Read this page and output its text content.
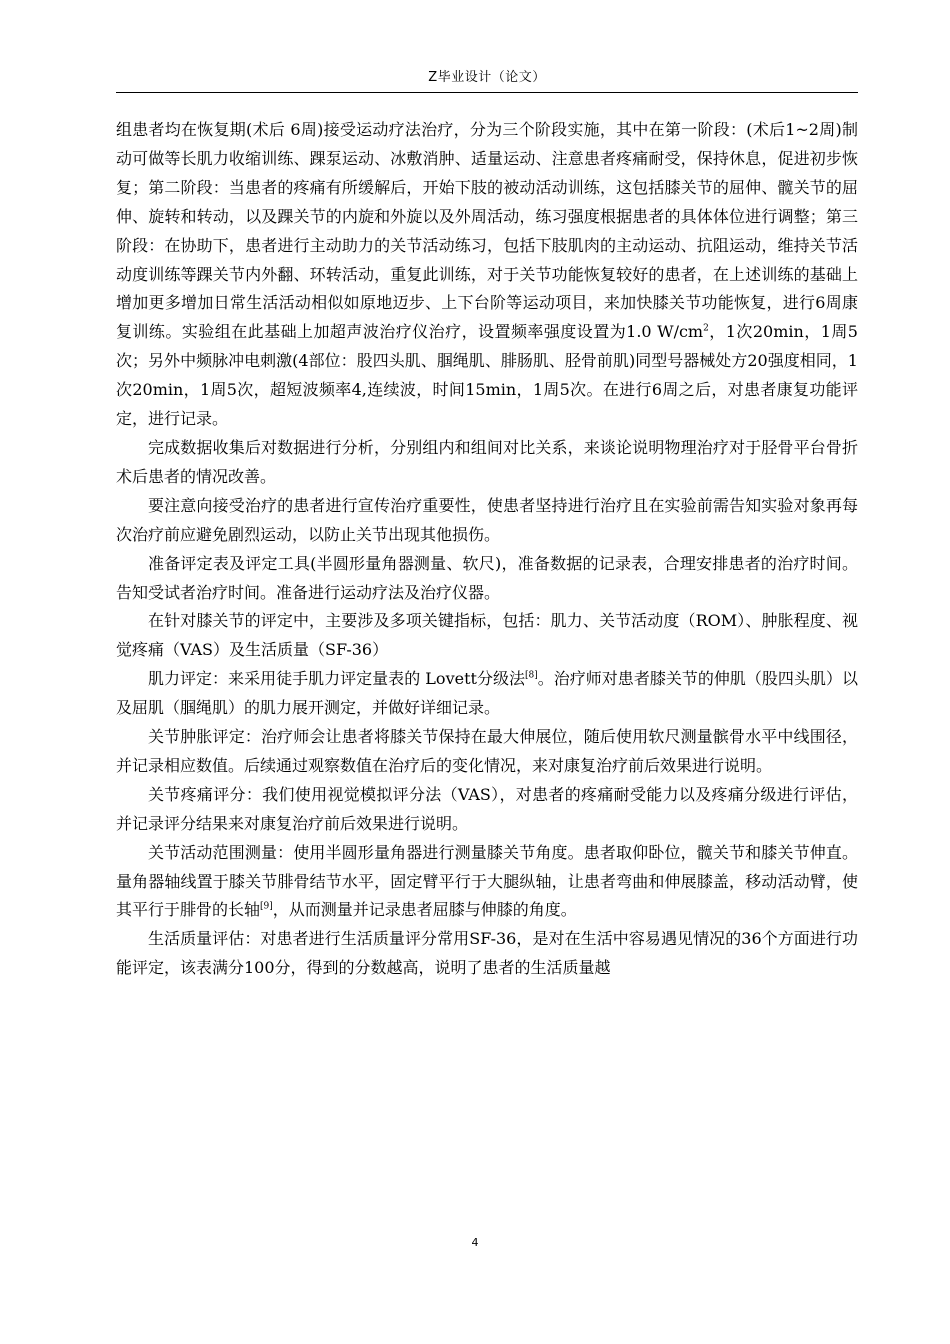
Z毕业设计（论文）

组患者均在恢复期(术后 6周)接受运动疗法治疗，分为三个阶段实施，其中在第一阶段：(术后1~2周)制动可做等长肌力收缩训练、踝泵运动、冰敷消肿、适量运动、注意患者疼痛耐受，保持休息，促进初步恢复；第二阶段：当患者的疼痛有所缓解后，开始下肢的被动活动训练，这包括膝关节的屈伸、髋关节的屈伸、旋转和转动，以及踝关节的内旋和外旋以及外周活动，练习强度根据患者的具体体位进行调整；第三阶段：在协助下，患者进行主动助力的关节活动练习，包括下肢肌肉的主动运动、抗阻运动，维持关节活动度训练等踝关节内外翻、环转活动，重复此训练，对于关节功能恢复较好的患者，在上述训练的基础上增加更多增加日常生活活动相似如原地迈步、上下台阶等运动项目，来加快膝关节功能恢复，进行6周康复训练。实验组在此基础上加超声波治疗仪治疗，设置频率强度设置为1.0 $W/cm^2$，1次20min，1周5次；另外中频脉冲电刺激(4部位：股四头肌、腘绳肌、腓肠肌、胫骨前肌)同型号器械处方20强度相同，1次20min，1周5次，超短波频率4,连续波，时间15min，1周5次。在进行6周之后，对患者康复功能评定，进行记录。

完成数据收集后对数据进行分析，分别组内和组间对比关系，来谈论说明物理治疗对于胫骨平台骨折术后患者的情况改善。

要注意向接受治疗的患者进行宣传治疗重要性，使患者坚持进行治疗且在实验前需告知实验对象再每次治疗前应避免剧烈运动，以防止关节出现其他损伤。

准备评定表及评定工具(半圆形量角器测量、软尺)，准备数据的记录表，合理安排患者的治疗时间。告知受试者治疗时间。准备进行运动疗法及治疗仪器。

在针对膝关节的评定中，主要涉及多项关键指标，包括：肌力、关节活动度（ROM）、肿胀程度、视觉疼痛（VAS）及生活质量（SF-36）

肌力评定：来采用徒手肌力评定量表的 Lovett分级法[8]。治疗师对患者膝关节的伸肌（股四头肌）以及屈肌（腘绳肌）的肌力展开测定，并做好详细记录。

关节肿胀评定：治疗师会让患者将膝关节保持在最大伸展位，随后使用软尺测量髌骨水平中线围径，并记录相应数值。后续通过观察数值在治疗后的变化情况，来对康复治疗前后效果进行说明。

关节疼痛评分：我们使用视觉模拟评分法（VAS），对患者的疼痛耐受能力以及疼痛分级进行评估，并记录评分结果来对康复治疗前后效果进行说明。

关节活动范围测量：使用半圆形量角器进行测量膝关节角度。患者取仰卧位，髋关节和膝关节伸直。量角器轴线置于膝关节腓骨结节水平，固定臂平行于大腿纵轴，让患者弯曲和伸展膝盖，移动活动臂，使其平行于腓骨的长轴[9]，从而测量并记录患者屈膝与伸膝的角度。

生活质量评估：对患者进行生活质量评分常用SF-36，是对在生活中容易遇见情况的36个方面进行功能评定，该表满分100分，得到的分数越高，说明了患者的生活质量越

4
